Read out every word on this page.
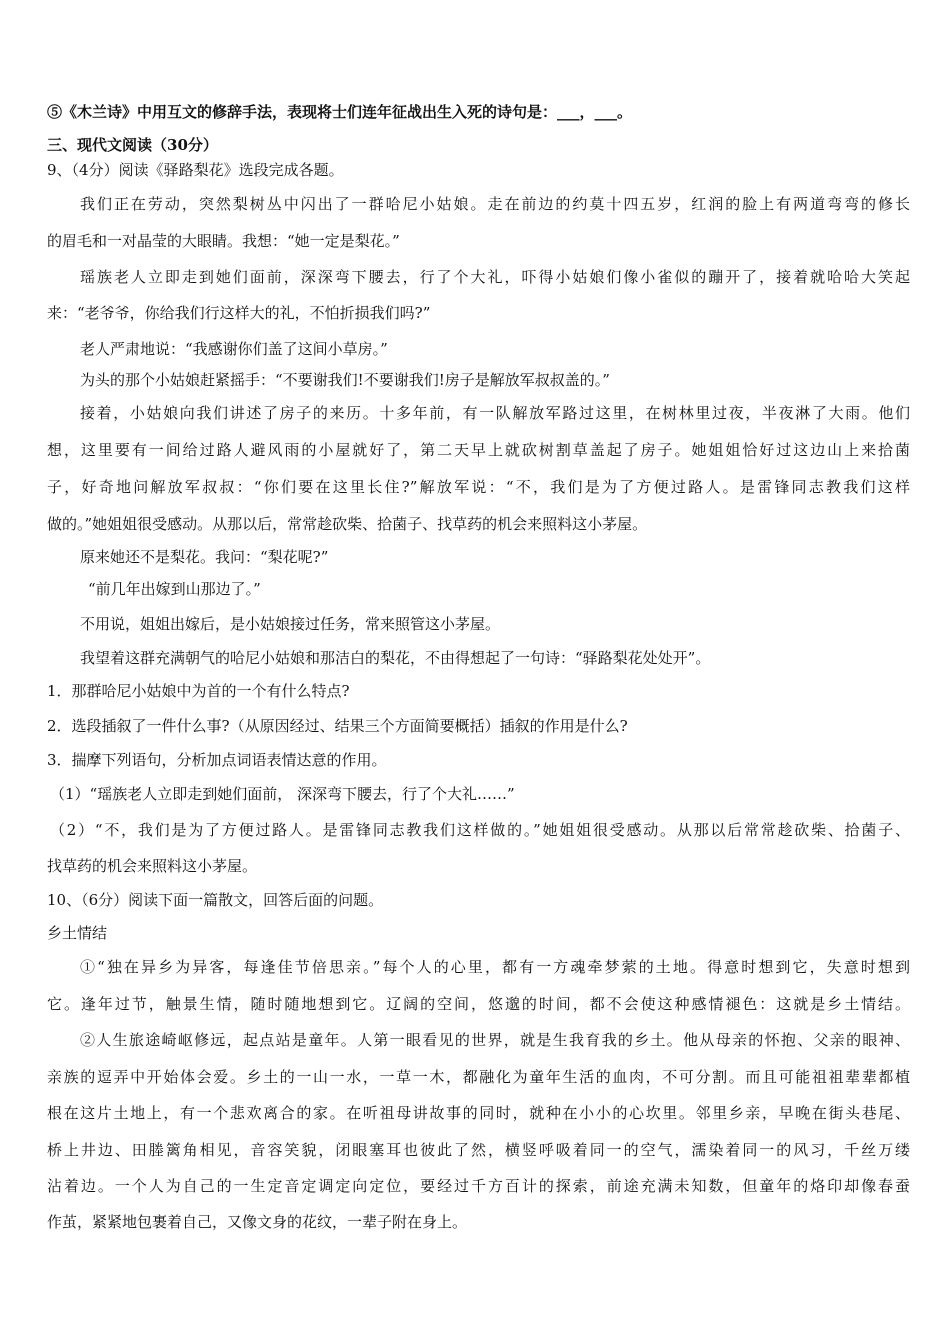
⑤《木兰诗》中用互文的修辞手法，表现将士们连年征战出生入死的诗句是：___，___。
三、现代文阅读（30分）
9、（4分）阅读《驿路梨花》选段完成各题。
我们正在劳动，突然梨树丛中闪出了一群哈尼小姑娘。走在前边的约莫十四五岁，红润的脸上有两道弯弯的修长
的眉毛和一对晶莹的大眼睛。我想：“她一定是梨花。”
瑶族老人立即走到她们面前，深深弯下腰去，行了个大礼，吓得小姑娘们像小雀似的蹦开了，接着就哈哈大笑起
来：“老爷爷，你给我们行这样大的礼，不怕折损我们吗?”
老人严肃地说：“我感谢你们盖了这间小草房。”
为头的那个小姑娘赶紧摇手：“不要谢我们!不要谢我们!房子是解放军叔叔盖的。”
接着，小姑娘向我们讲述了房子的来历。十多年前，有一队解放军路过这里，在树林里过夜，半夜淋了大雨。他们
想，这里要有一间给过路人避风雨的小屋就好了，第二天早上就砍树割草盖起了房子。她姐姐恰好过这边山上来拾菌
子，好奇地问解放军叔叔：“你们要在这里长住?”解放军说：“不，我们是为了方便过路人。是雷锋同志教我们这样
做的。”她姐姐很受感动。从那以后，常常趁砍柴、拾菌子、找草药的机会来照料这小茅屋。
原来她还不是梨花。我问：“梨花呢?”
“前几年出嫁到山那边了。”
不用说，姐姐出嫁后，是小姑娘接过任务，常来照管这小茅屋。
我望着这群充满朝气的哈尼小姑娘和那洁白的梨花，不由得想起了一句诗：“驿路梨花处处开”。
1．那群哈尼小姑娘中为首的一个有什么特点?
2．选段插叙了一件什么事?（从原因经过、结果三个方面简要概括）插叙的作用是什么?
3．揣摩下列语句，分析加点词语表情达意的作用。
（1）“瑶族老人立即走到她们面前， 深深弯下腰去，行了个大礼……”
（2）“不，我们是为了方便过路人。是雷锋同志教我们这样做的。”她姐姐很受感动。从那以后常常趁砍柴、拾菌子、
找草药的机会来照料这小茅屋。
10、（6分）阅读下面一篇散文，回答后面的问题。
乡土情结
①“独在异乡为异客，每逢佳节倍思亲。”每个人的心里，都有一方魂牵梦萦的土地。得意时想到它，失意时想到
它。逢年过节，触景生情，随时随地想到它。辽阔的空间，悠邈的时间，都不会使这种感情褪色：这就是乡土情结。
②人生旅途崎岖修远，起点站是童年。人第一眼看见的世界，就是生我育我的乡土。他从母亲的怀抱、父亲的眼神、
亲族的逗弄中开始体会爱。乡土的一山一水，一草一木，都融化为童年生活的血肉，不可分割。而且可能祖祖辈辈都植
根在这片土地上，有一个悲欢离合的家。在听祖母讲故事的同时，就种在小小的心坎里。邻里乡亲，早晚在街头巷尾、
桥上井边、田塍篱角相见，音容笑貌，闭眼塞耳也彼此了然，横竖呼吸着同一的空气，濡染着同一的风习，千丝万缕
沾着边。一个人为自己的一生定音定调定向定位，要经过千方百计的探索，前途充满未知数，但童年的烙印却像春蚕
作茧，紧紧地包裹着自己，又像文身的花纹，一辈子附在身上。
